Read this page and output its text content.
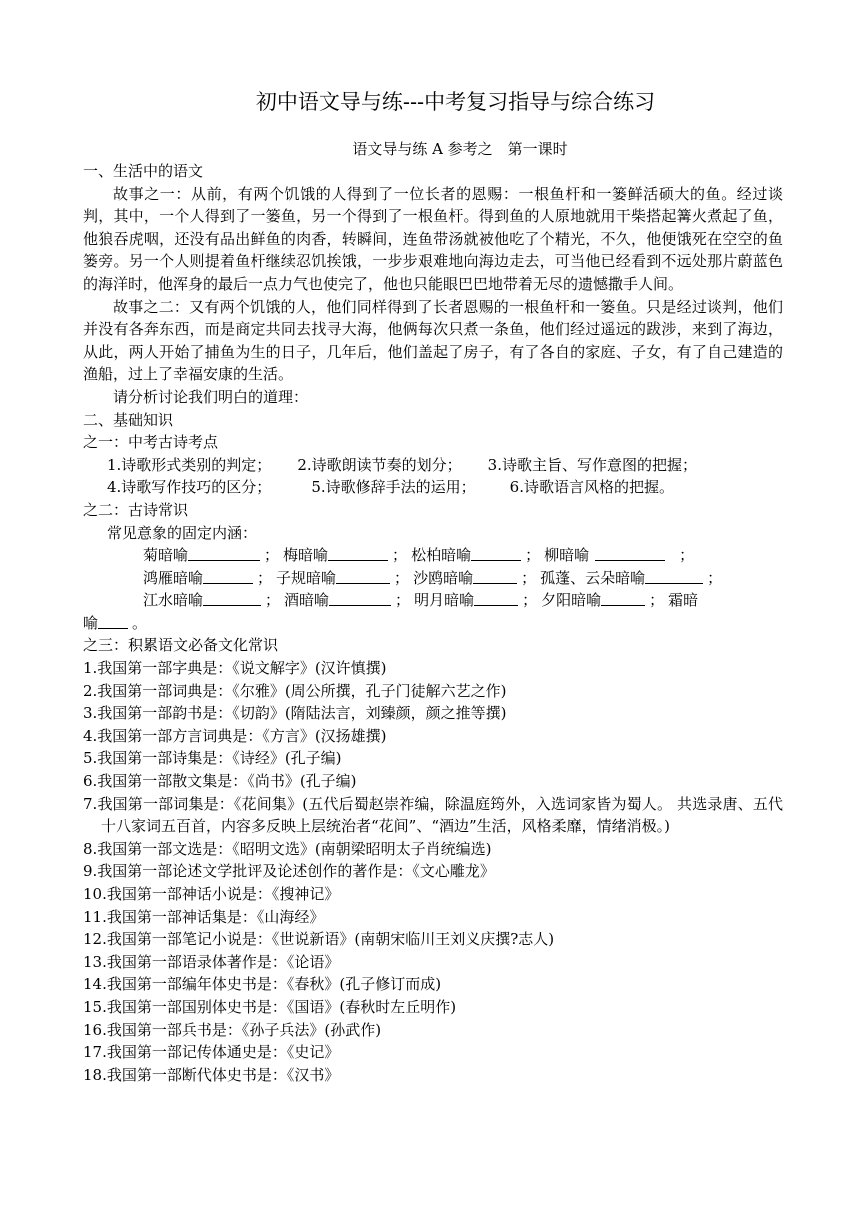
初中语文导与练---中考复习指导与综合练习
语文导与练 A 参考之　第一课时
一、生活中的语文
故事之一：从前，有两个饥饿的人得到了一位长者的恩赐：一根鱼杆和一篓鲜活硕大的鱼。经过谈判，其中，一个人得到了一篓鱼，另一个得到了一根鱼杆。得到鱼的人原地就用干柴搭起篝火煮起了鱼，他狼吞虎咽，还没有品出鲜鱼的肉香，转瞬间，连鱼带汤就被他吃了个精光，不久，他便饿死在空空的鱼篓旁。另一个人则提着鱼杆继续忍饥挨饿，一步步艰难地向海边走去，可当他已经看到不远处那片蔚蓝色的海洋时，他浑身的最后一点力气也使完了，他也只能眼巴巴地带着无尽的遗憾撒手人间。
故事之二：又有两个饥饿的人，他们同样得到了长者恩赐的一根鱼杆和一篓鱼。只是经过谈判，他们并没有各奔东西，而是商定共同去找寻大海，他俩每次只煮一条鱼，他们经过遥远的跋涉，来到了海边，从此，两人开始了捕鱼为生的日子，几年后，他们盖起了房子，有了各自的家庭、子女，有了自己建造的渔船，过上了幸福安康的生活。
请分析讨论我们明白的道理：
二、基础知识
之一：中考古诗考点
1.诗歌形式类别的判定； 2.诗歌朗读节奏的划分； 3.诗歌主旨、写作意图的把握；
4.诗歌写作技巧的区分；	5.诗歌修辞手法的运用； 6.诗歌语言风格的把握。
之二：古诗常识
常见意象的固定内涵：
菊暗喻	； 梅暗喻	； 松柏暗喻	； 柳暗喻	；
鸿雁暗喻	； 子规暗喻	； 沙鸥暗喻	； 孤蓬、云朵暗喻	；
江水暗喻	； 酒暗喻	； 明月暗喻	； 夕阳暗喻	； 霜暗
喻 。
之三：积累语文必备文化常识
1.我国第一部字典是：《说文解字》(汉许慎撰)
2.我国第一部词典是：《尔雅》(周公所撰，孔子门徒解六艺之作)
3.我国第一部韵书是：《切韵》(隋陆法言，刘臻颜，颜之推等撰)
4.我国第一部方言词典是：《方言》(汉扬雄撰)
5.我国第一部诗集是：《诗经》(孔子编)
6.我国第一部散文集是：《尚书》(孔子编)
7.我国第一部词集是：《花间集》(五代后蜀赵崇祚编，除温庭筠外，入选词家皆为蜀人。 共选录唐、五代十八家词五百首，内容多反映上层统治者“花间”、“酒边”生活，风格柔靡，情绪消极。)
8.我国第一部文选是：《昭明文选》(南朝梁昭明太子肖统编选)
9.我国第一部论述文学批评及论述创作的著作是：《文心雕龙》
10.我国第一部神话小说是：《搜神记》
11.我国第一部神话集是：《山海经》
12.我国第一部笔记小说是：《世说新语》(南朝宋临川王刘义庆撰?志人)
13.我国第一部语录体著作是：《论语》
14.我国第一部编年体史书是：《春秋》(孔子修订而成)
15.我国第一部国别体史书是：《国语》(春秋时左丘明作)
16.我国第一部兵书是：《孙子兵法》(孙武作)
17.我国第一部记传体通史是：《史记》
18.我国第一部断代体史书是：《汉书》
